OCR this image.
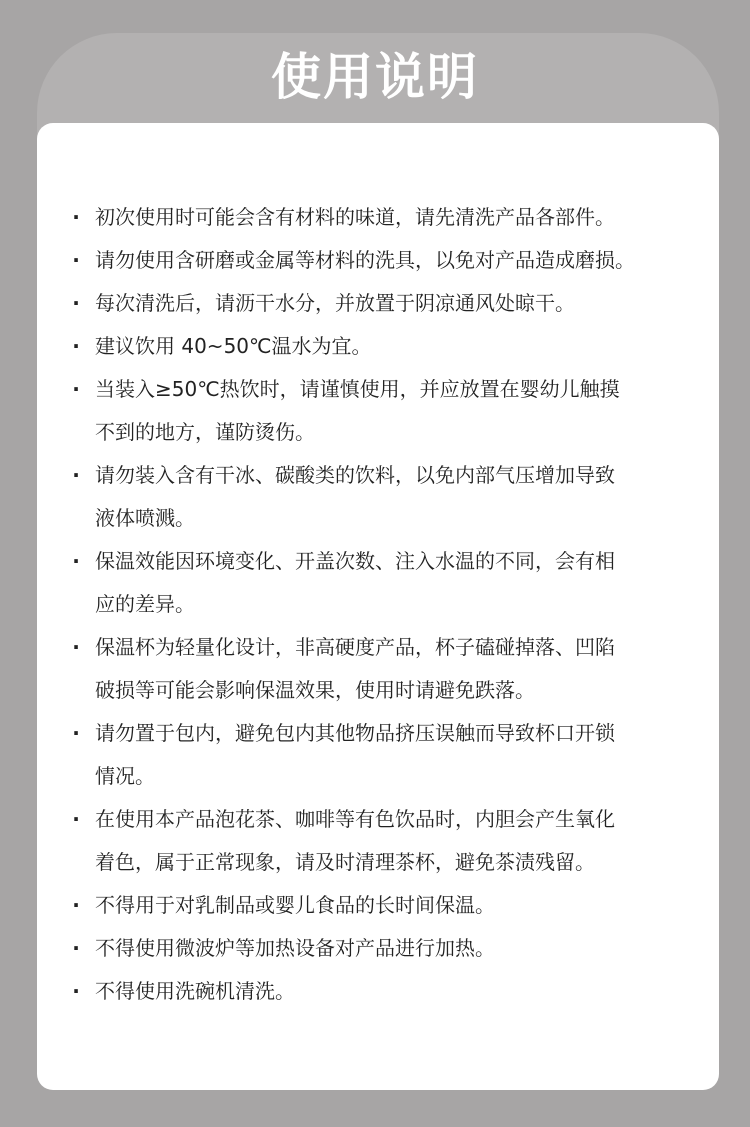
使用说明
· 初次使用时可能会含有材料的味道，请先清洗产品各部件。
· 请勿使用含研磨或金属等材料的洗具，以免对产品造成磨损。
· 每次清洗后，请沥干水分，并放置于阴凉通风处晾干。
· 建议饮用 40~50℃温水为宜。
· 当装入≥50℃热饮时，请谨慎使用，并应放置在婴幼儿触摸
不到的地方，谨防烫伤。
· 请勿装入含有干冰、碳酸类的饮料，以免内部气压增加导致
液体喷溅。
· 保温效能因环境变化、开盖次数、注入水温的不同，会有相
应的差异。
· 保温杯为轻量化设计，非高硬度产品，杯子磕碰掉落、凹陷
破损等可能会影响保温效果，使用时请避免跌落。
· 请勿置于包内，避免包内其他物品挤压误触而导致杯口开锁
情况。
· 在使用本产品泡花茶、咖啡等有色饮品时，内胆会产生氧化
着色，属于正常现象，请及时清理茶杯，避免茶渍残留。
· 不得用于对乳制品或婴儿食品的长时间保温。
· 不得使用微波炉等加热设备对产品进行加热。
· 不得使用洗碗机清洗。
